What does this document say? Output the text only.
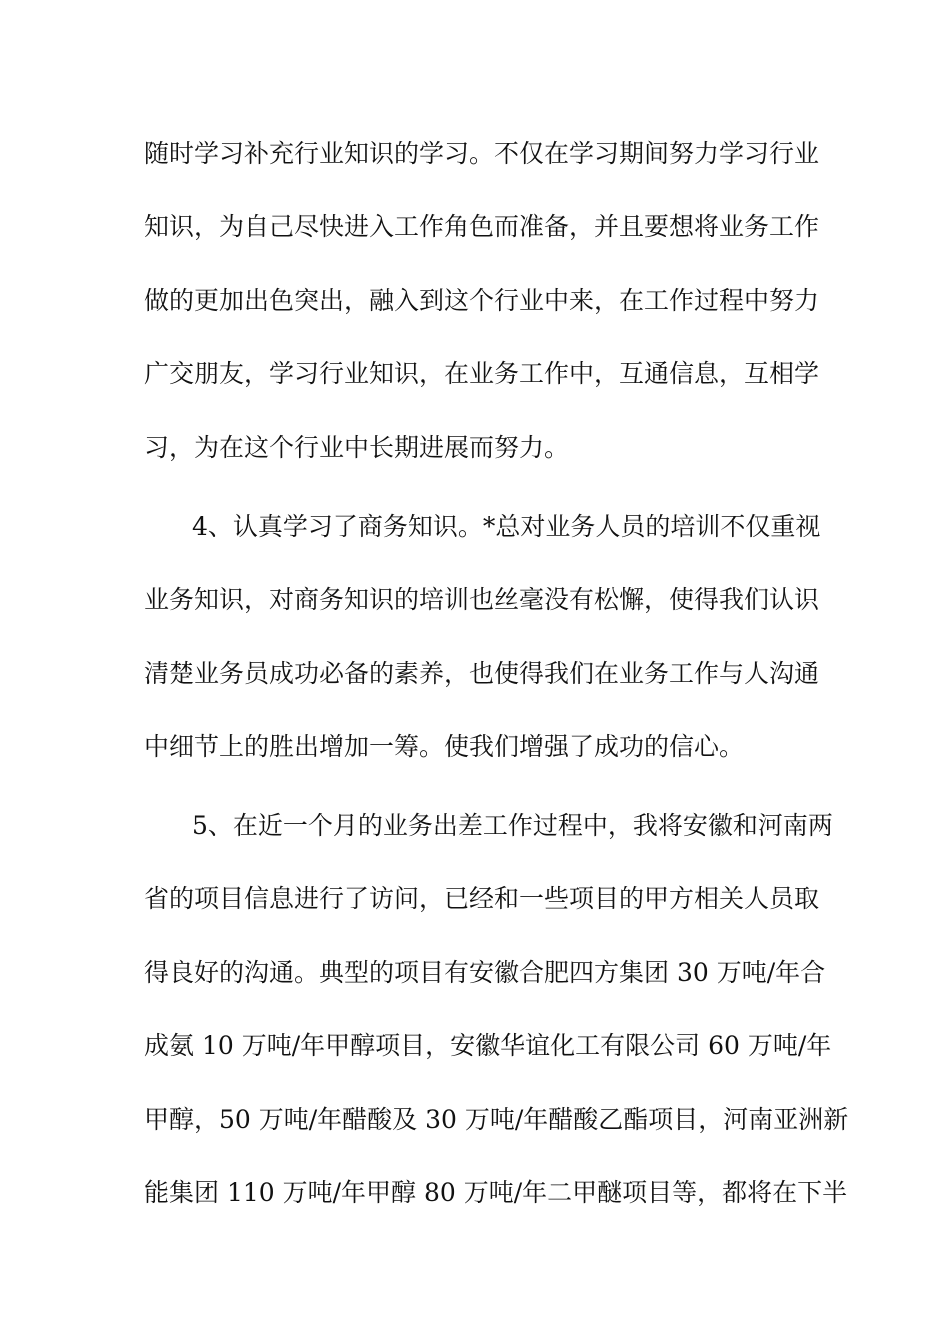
随时学习补充行业知识的学习。不仅在学习期间努力学习行业
知识，为自己尽快进入工作角色而准备，并且要想将业务工作
做的更加出色突出，融入到这个行业中来，在工作过程中努力
广交朋友，学习行业知识，在业务工作中，互通信息，互相学
习，为在这个行业中长期进展而努力。
4、认真学习了商务知识。*总对业务人员的培训不仅重视
业务知识，对商务知识的培训也丝毫没有松懈，使得我们认识
清楚业务员成功必备的素养，也使得我们在业务工作与人沟通
中细节上的胜出增加一筹。使我们增强了成功的信心。
5、在近一个月的业务出差工作过程中，我将安徽和河南两
省的项目信息进行了访问，已经和一些项目的甲方相关人员取
得良好的沟通。典型的项目有安徽合肥四方集团 30 万吨/年合
成氨 10 万吨/年甲醇项目，安徽华谊化工有限公司 60 万吨/年
甲醇，50 万吨/年醋酸及 30 万吨/年醋酸乙酯项目，河南亚洲新
能集团 110 万吨/年甲醇 80 万吨/年二甲醚项目等，都将在下半
